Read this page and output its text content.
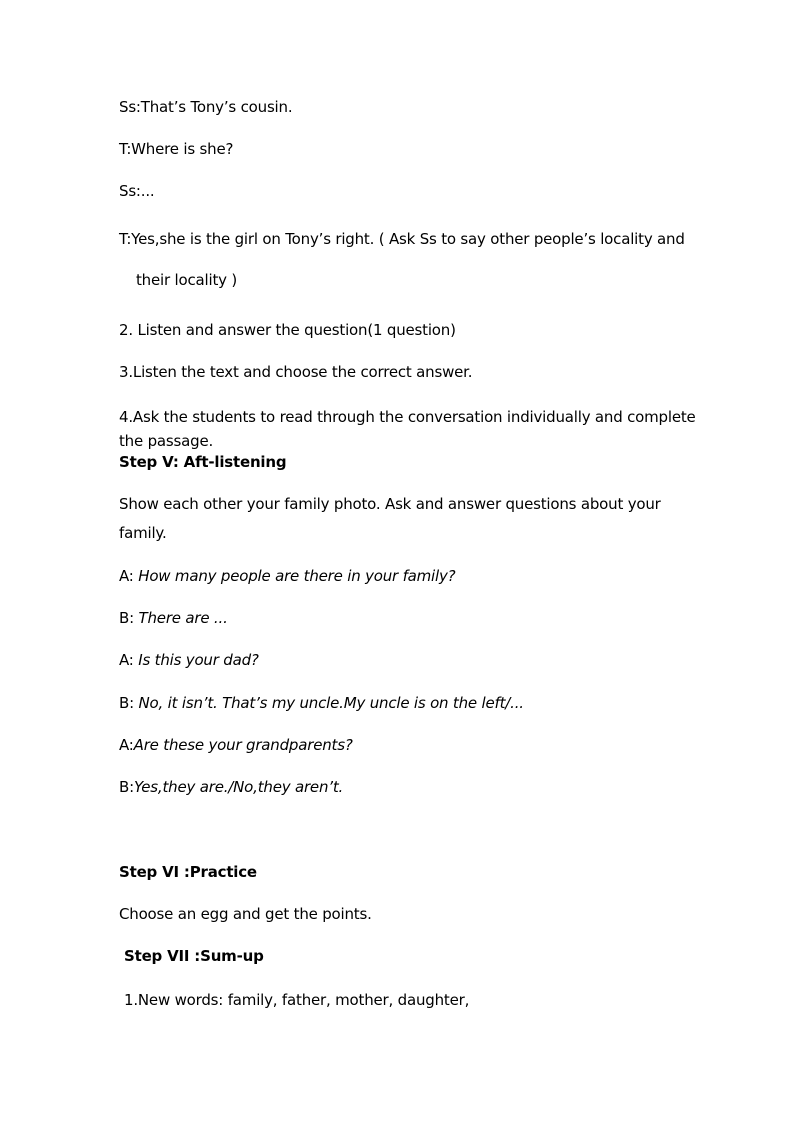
Ss:That’s Tony’s cousin.
T:Where is she?
Ss:...
T:Yes,she is the girl on Tony’s right. ( Ask Ss to say other people’s locality and
their locality )
2. Listen and answer the question(1 question)
3.Listen the text and choose the correct answer.
4.Ask the students to read through the conversation individually and complete
the passage.
Step V: Aft-listening
Show each other your family photo. Ask and answer questions about your
family.
A: How many people are there in your family?
B: There are ...
A: Is this your dad?
B: No, it isn’t. That’s my uncle.My uncle is on the left/...
A:Are these your grandparents?
B:Yes,they are./No,they aren’t.
Step VI :Practice
Choose an egg and get the points.
Step VII :Sum-up
1.New words: family, father, mother, daughter,
